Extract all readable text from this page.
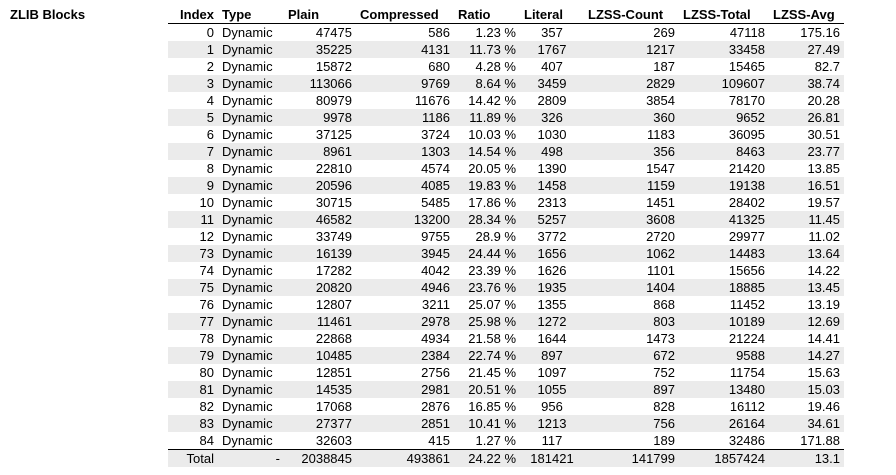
ZLIB Blocks	Index	Type	Plain	Compressed	Ratio	Literal	LZSS-Count	LZSS-Total	LZSS-Avg
0	Dynamic	47475	586	1.23 %	357	269	47118	175.16
1	Dynamic	35225	4131	11.73 %	1767	1217	33458	27.49
2	Dynamic	15872	680	4.28 %	407	187	15465	82.7
3	Dynamic	113066	9769	8.64 %	3459	2829	109607	38.74
4	Dynamic	80979	11676	14.42 %	2809	3854	78170	20.28
5	Dynamic	9978	1186	11.89 %	326	360	9652	26.81
6	Dynamic	37125	3724	10.03 %	1030	1183	36095	30.51
7	Dynamic	8961	1303	14.54 %	498	356	8463	23.77
8	Dynamic	22810	4574	20.05 %	1390	1547	21420	13.85
9	Dynamic	20596	4085	19.83 %	1458	1159	19138	16.51
10	Dynamic	30715	5485	17.86 %	2313	1451	28402	19.57
11	Dynamic	46582	13200	28.34 %	5257	3608	41325	11.45
12	Dynamic	33749	9755	28.9 %	3772	2720	29977	11.02
73	Dynamic	16139	3945	24.44 %	1656	1062	14483	13.64
74	Dynamic	17282	4042	23.39 %	1626	1101	15656	14.22
75	Dynamic	20820	4946	23.76 %	1935	1404	18885	13.45
76	Dynamic	12807	3211	25.07 %	1355	868	11452	13.19
77	Dynamic	11461	2978	25.98 %	1272	803	10189	12.69
78	Dynamic	22868	4934	21.58 %	1644	1473	21224	14.41
79	Dynamic	10485	2384	22.74 %	897	672	9588	14.27
80	Dynamic	12851	2756	21.45 %	1097	752	11754	15.63
81	Dynamic	14535	2981	20.51 %	1055	897	13480	15.03
82	Dynamic	17068	2876	16.85 %	956	828	16112	19.46
83	Dynamic	27377	2851	10.41 %	1213	756	26164	34.61
84	Dynamic	32603	415	1.27 %	117	189	32486	171.88
Total	-	2038845	493861	24.22 %	181421	141799	1857424	13.1
